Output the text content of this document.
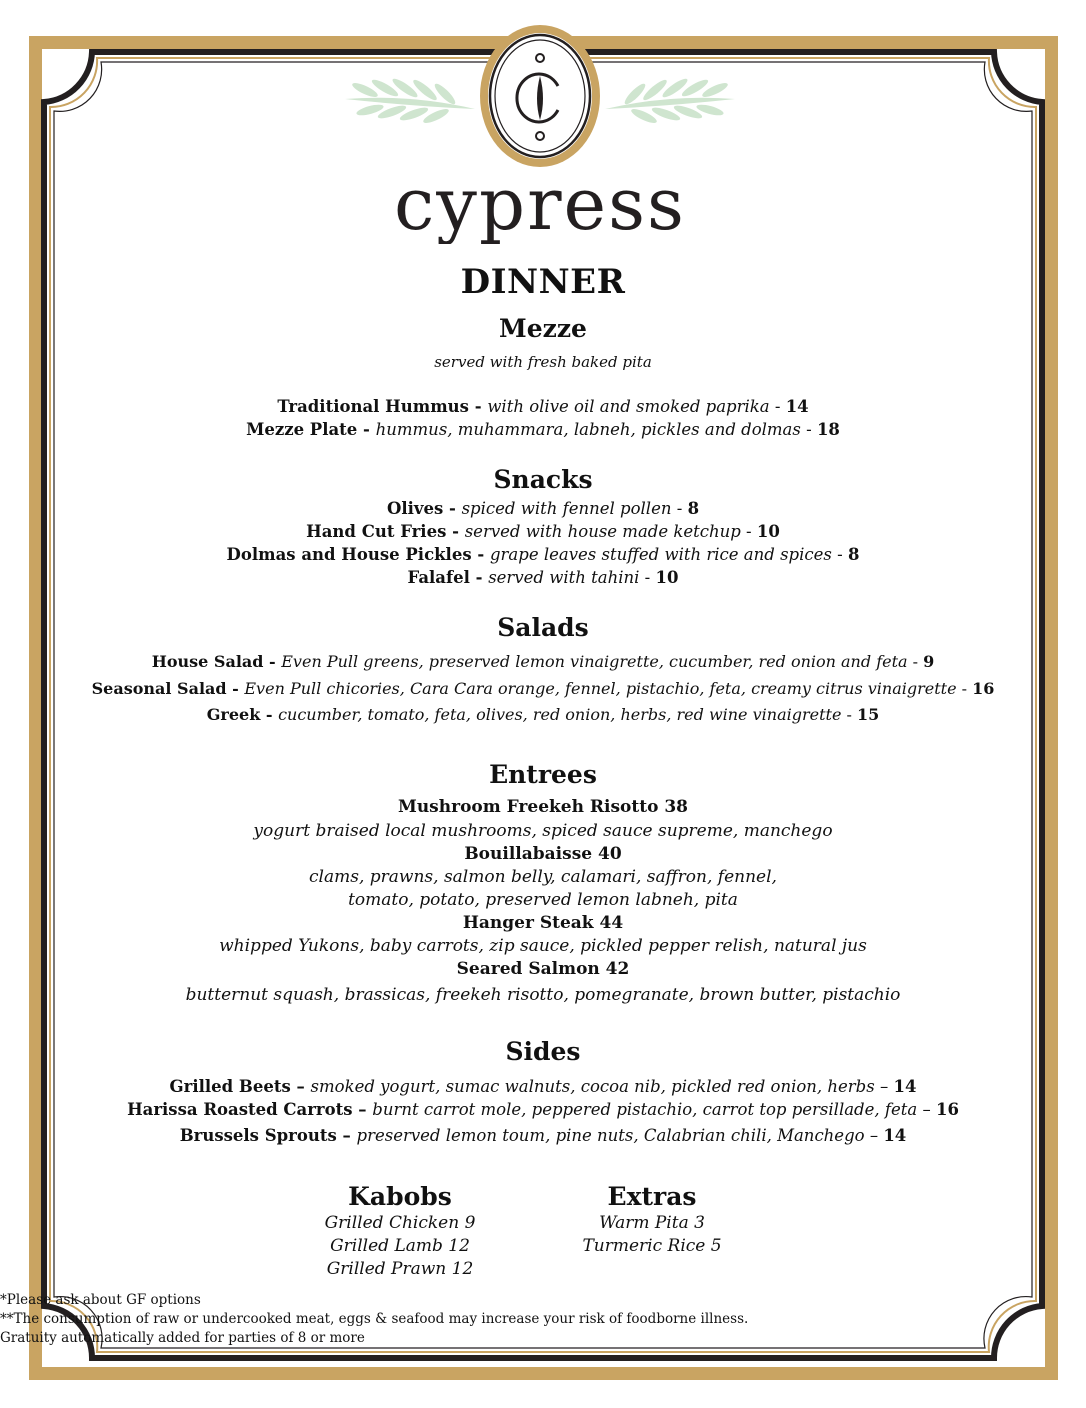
cypress
DINNER
Mezze
served with fresh baked pita
Traditional Hummus - with olive oil and smoked paprika - 14
Mezze Plate - hummus, muhammara, labneh, pickles and dolmas - 18
Snacks
Olives - spiced with fennel pollen - 8
Hand Cut Fries - served with house made ketchup - 10
Dolmas and House Pickles - grape leaves stuffed with rice and spices - 8
Falafel - served with tahini - 10
Salads
House Salad - Even Pull greens, preserved lemon vinaigrette, cucumber, red onion and feta - 9
Seasonal Salad - Even Pull chicories, Cara Cara orange, fennel, pistachio, feta, creamy citrus vinaigrette - 16
Greek - cucumber, tomato, feta, olives, red onion, herbs, red wine vinaigrette - 15
Entrees
Mushroom Freekeh Risotto 38
yogurt braised local mushrooms, spiced sauce supreme, manchego
Bouillabaisse 40
clams, prawns, salmon belly, calamari, saffron, fennel,
tomato, potato, preserved lemon labneh, pita
Hanger Steak 44
whipped Yukons, baby carrots, zip sauce, pickled pepper relish, natural jus
Seared Salmon 42
butternut squash, brassicas, freekeh risotto, pomegranate, brown butter, pistachio
Sides
Grilled Beets – smoked yogurt, sumac walnuts, cocoa nib, pickled red onion, herbs – 14
Harissa Roasted Carrots – burnt carrot mole, peppered pistachio, carrot top persillade, feta – 16
Brussels Sprouts – preserved lemon toum, pine nuts, Calabrian chili, Manchego – 14
Kabobs
Grilled Chicken 9
Grilled Lamb 12
Grilled Prawn 12
Extras
Warm Pita 3
Turmeric Rice 5
*Please ask about GF options
**The consumption of raw or undercooked meat, eggs & seafood may increase your risk of foodborne illness.
Gratuity automatically added for parties of 8 or more
